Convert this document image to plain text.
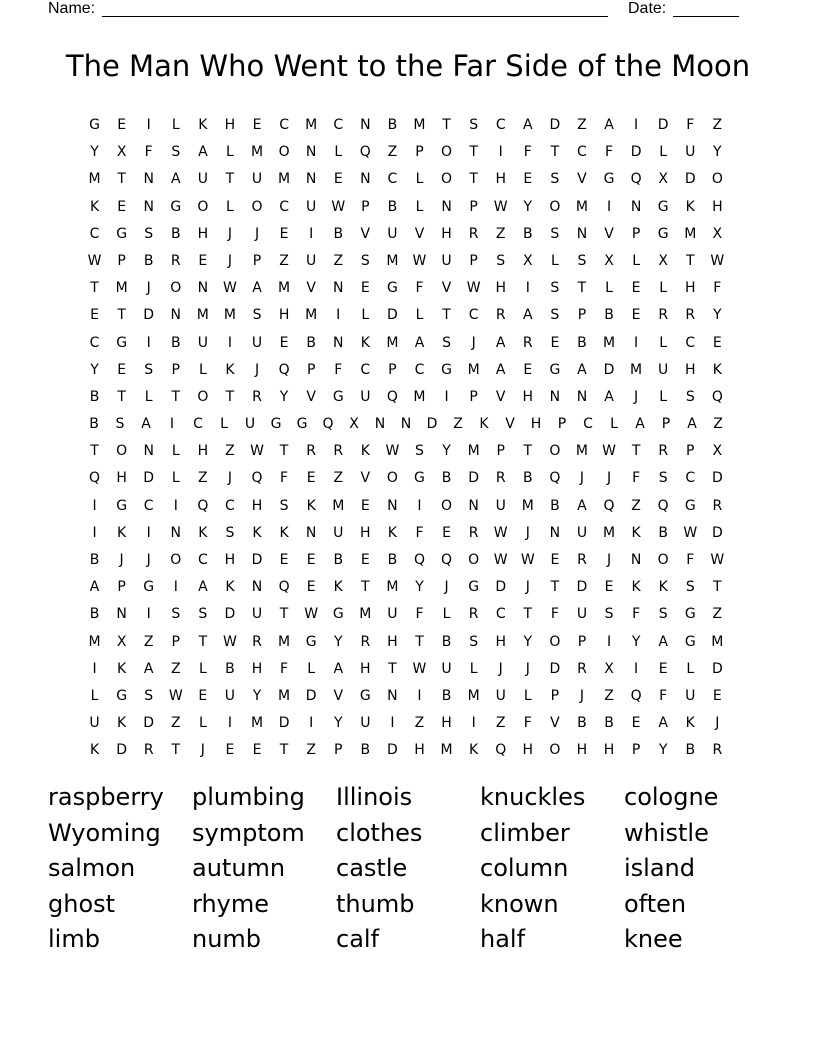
Name:	Date:
The Man Who Went to the Far Side of the Moon
G	E	I	L	K	H	E	C	M	C	N	B	M	T	S	C	A	D	Z	A	I	D	F	Z
Y	X	F	S	A	L	M	O	N	L	Q	Z	P	O	T	I	F	T	C	F	D	L	U	Y
M	T	N	A	U	T	U	M	N	E	N	C	L	O	T	H	E	S	V	G	Q	X	D	O
K	E	N	G	O	L	O	C	U	W	P	B	L	N	P	W	Y	O	M	I	N	G	K	H
C	G	S	B	H	J	J	E	I	B	V	U	V	H	R	Z	B	S	N	V	P	G	M	X
W	P	B	R	E	J	P	Z	U	Z	S	M	W	U	P	S	X	L	S	X	L	X	T	W
T	M	J	O	N	W	A	M	V	N	E	G	F	V	W	H	I	S	T	L	E	L	H	F
E	T	D	N	M	M	S	H	M	I	L	D	L	T	C	R	A	S	P	B	E	R	R	Y
C	G	I	B	U	I	U	E	B	N	K	M	A	S	J	A	R	E	B	M	I	L	C	E
Y	E	S	P	L	K	J	Q	P	F	C	P	C	G	M	A	E	G	A	D	M	U	H	K
B	T	L	T	O	T	R	Y	V	G	U	Q	M	I	P	V	H	N	N	A	J	L	S	Q
B	S	A	I	C	L	U	G	G	Q	X	N	N	D	Z	K	V	H	P	C	L	A	P	A	Z
T	O	N	L	H	Z	W	T	R	R	K	W	S	Y	M	P	T	O	M	W	T	R	P	X
Q	H	D	L	Z	J	Q	F	E	Z	V	O	G	B	D	R	B	Q	J	J	F	S	C	D
I	G	C	I	Q	C	H	S	K	M	E	N	I	O	N	U	M	B	A	Q	Z	Q	G	R
I	K	I	N	K	S	K	K	N	U	H	K	F	E	R	W	J	N	U	M	K	B	W	D
B	J	J	O	C	H	D	E	E	B	E	B	Q	Q	O	W W	E	R	J	N	O	F	W
A	P	G	I	A	K	N	Q	E	K	T	M	Y	J	G	D	J	T	D	E	K	K	S	T
B	N	I	S	S	D	U	T	W	G	M	U	F	L	R	C	T	F	U	S	F	S	G	Z
M	X	Z	P	T	W	R	M	G	Y	R	H	T	B	S	H	Y	O	P	I	Y	A	G	M
I	K	A	Z	L	B	H	F	L	A	H	T	W	U	L	J	J	D	R	X	I	E	L	D
L	G	S	W	E	U	Y	M	D	V	G	N	I	B	M	U	L	P	J	Z	Q	F	U	E
U	K	D	Z	L	I	M	D	I	Y	U	I	Z	H	I	Z	F	V	B	B	E	A	K	J
K	D	R	T	J	E	E	T	Z	P	B	D	H	M	K	Q	H	O	H	H	P	Y	B	R
raspberry	plumbing	Illinois	knuckles	cologne
Wyoming	symptom	clothes	climber	whistle
salmon	autumn	castle	column	island
ghost	rhyme	thumb	known	often
limb	numb	calf	half	knee
